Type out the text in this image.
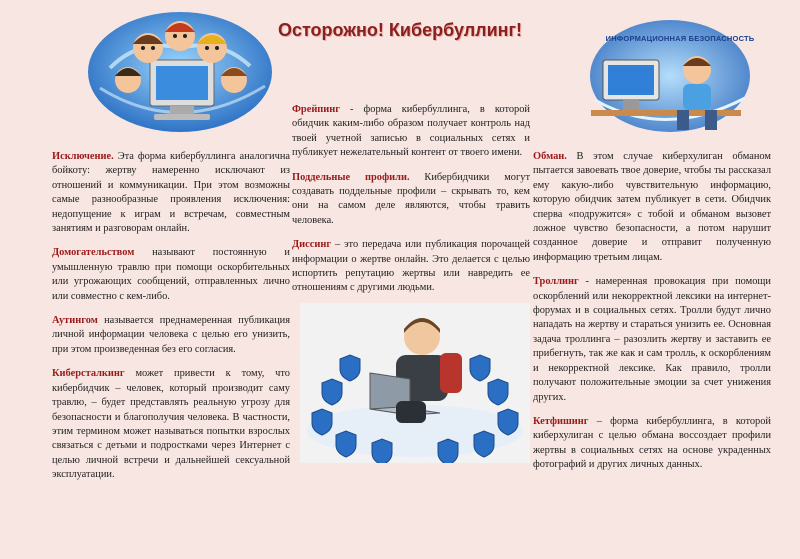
Осторожно! Кибербуллинг!	ИНФОРМАЦИОННАЯ БЕЗОПАСНОСТЬ

Исключение. Эта форма кибербуллинга аналогична бойкоту: жертву намеренно исключают из отношений и коммуникации. При этом возможны самые разнообразные проявления исключения: недопущение к играм и встречам, совместным занятиям и разговорам онлайн.

Домогательством называют постоянную и умышленную травлю при помощи оскорбительных или угрожающих сообщений, отправленных лично или совместно с кем-либо.

Аутингом называется преднамеренная публикация личной информации человека с целью его унизить, при этом произведенная без его согласия.

Киберсталкинг может привести к тому, что кибербидчик – человек, который производит саму травлю, – будет представлять реальную угрозу для безопасности и благополучия человека. В частности, этим термином может называться попытки взрослых связаться с детьми и подростками через Интернет с целью личной встречи и дальнейшей сексуальной эксплуатации.

Фрейпинг - форма кибербуллинга, в которой обидчик каким-либо образом получает контроль над твоей учетной записью в социальных сетях и публикует нежелательный контент от твоего имени.

Поддельные профили. Кибербидчики могут создавать поддельные профили – скрывать то, кем они на самом деле являются, чтобы травить человека.

Диссинг – это передача или публикация порочащей информации о жертве онлайн. Это делается с целью испортить репутацию жертвы или навредить ее отношениям с другими людьми.

Обман. В этом случае киберхулиган обманом пытается завоевать твое доверие, чтобы ты рассказал ему какую-либо чувствительную информацию, которую обидчик затем публикует в сети. Обидчик сперва «подружится» с тобой и обманом вызовет ложное чувство безопасности, а потом нарушит созданное доверие и отправит полученную информацию третьим лицам.

Троллинг - намеренная провокация при помощи оскорблений или некорректной лексики на интернет-форумах и в социальных сетях. Тролли будут лично нападать на жертву и стараться унизить ее. Основная задача троллинга – разозлить жертву и заставить ее прибегнуть, так же как и сам тролль, к оскорблениям и некорректной лексике. Как правило, тролли получают положительные эмоции за счет унижения других.

Кетфишинг – форма кибербуллинга, в которой киберхулиган с целью обмана воссоздает профили жертвы в социальных сетях на основе украденных фотографий и других личных данных.
